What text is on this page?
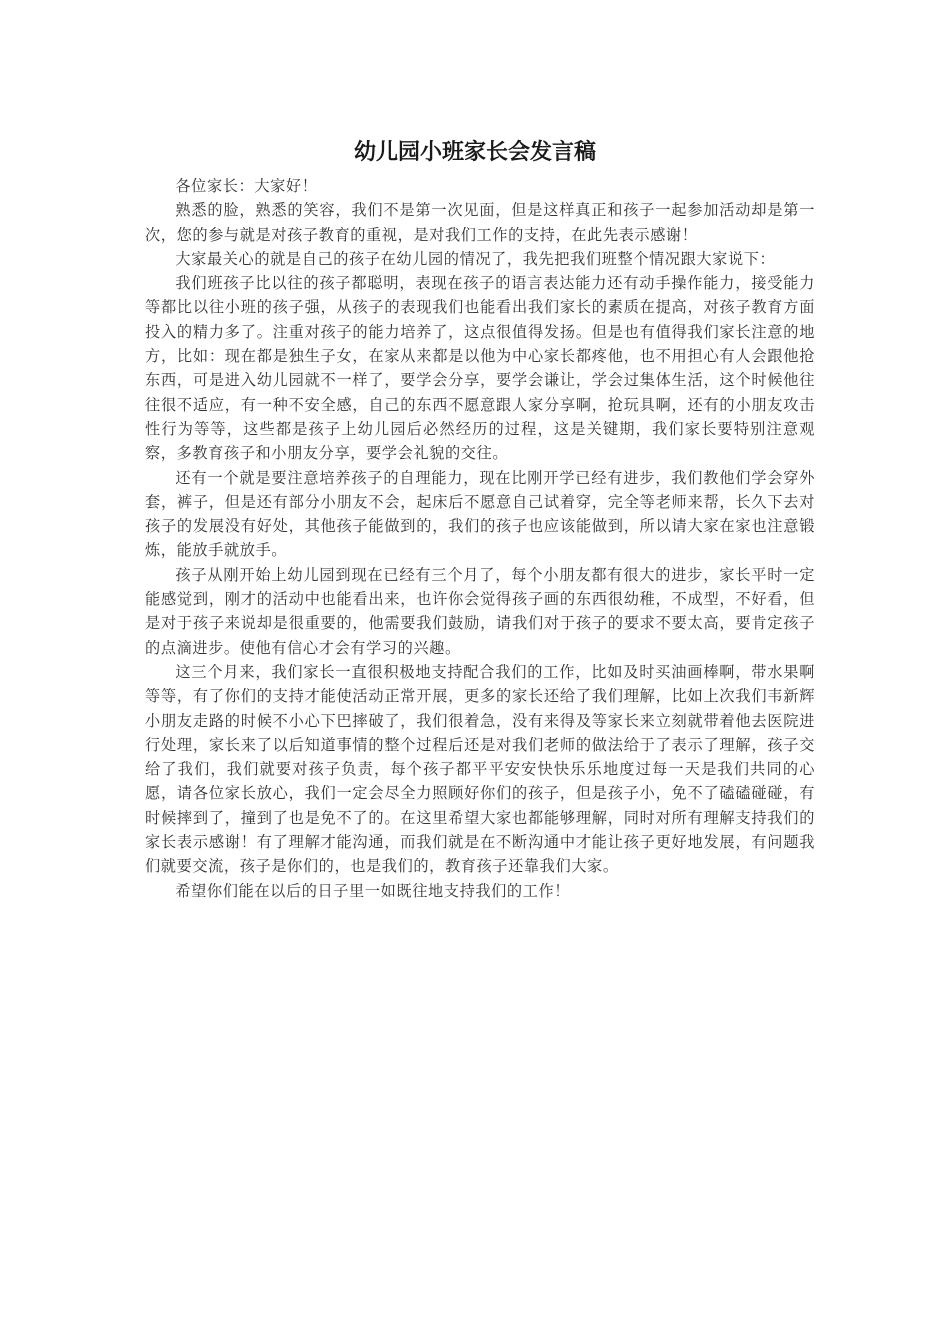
幼儿园小班家长会发言稿

各位家长：大家好！

熟悉的脸，熟悉的笑容，我们不是第一次见面，但是这样真正和孩子一起参加活动却是第一次，您的参与就是对孩子教育的重视，是对我们工作的支持，在此先表示感谢！

大家最关心的就是自己的孩子在幼儿园的情况了，我先把我们班整个情况跟大家说下：

我们班孩子比以往的孩子都聪明，表现在孩子的语言表达能力还有动手操作能力，接受能力等都比以往小班的孩子强，从孩子的表现我们也能看出我们家长的素质在提高，对孩子教育方面投入的精力多了。注重对孩子的能力培养了，这点很值得发扬。但是也有值得我们家长注意的地方，比如：现在都是独生子女，在家从来都是以他为中心家长都疼他，也不用担心有人会跟他抢东西，可是进入幼儿园就不一样了，要学会分享，要学会谦让，学会过集体生活，这个时候他往往很不适应，有一种不安全感，自己的东西不愿意跟人家分享啊，抢玩具啊，还有的小朋友攻击性行为等等，这些都是孩子上幼儿园后必然经历的过程，这是关键期，我们家长要特别注意观察，多教育孩子和小朋友分享，要学会礼貌的交往。

还有一个就是要注意培养孩子的自理能力，现在比刚开学已经有进步，我们教他们学会穿外套，裤子，但是还有部分小朋友不会，起床后不愿意自己试着穿，完全等老师来帮，长久下去对孩子的发展没有好处，其他孩子能做到的，我们的孩子也应该能做到，所以请大家在家也注意锻炼，能放手就放手。

孩子从刚开始上幼儿园到现在已经有三个月了，每个小朋友都有很大的进步，家长平时一定能感觉到，刚才的活动中也能看出来，也许你会觉得孩子画的东西很幼稚，不成型，不好看，但是对于孩子来说却是很重要的，他需要我们鼓励，请我们对于孩子的要求不要太高，要肯定孩子的点滴进步。使他有信心才会有学习的兴趣。

这三个月来，我们家长一直很积极地支持配合我们的工作，比如及时买油画棒啊，带水果啊等等，有了你们的支持才能使活动正常开展，更多的家长还给了我们理解，比如上次我们韦新辉小朋友走路的时候不小心下巴摔破了，我们很着急，没有来得及等家长来立刻就带着他去医院进行处理，家长来了以后知道事情的整个过程后还是对我们老师的做法给于了表示了理解，孩子交给了我们，我们就要对孩子负责，每个孩子都平平安安快快乐乐地度过每一天是我们共同的心愿，请各位家长放心，我们一定会尽全力照顾好你们的孩子，但是孩子小，免不了磕磕碰碰，有时候摔到了，撞到了也是免不了的。在这里希望大家也都能够理解，同时对所有理解支持我们的家长表示感谢！有了理解才能沟通，而我们就是在不断沟通中才能让孩子更好地发展，有问题我们就要交流，孩子是你们的，也是我们的，教育孩子还靠我们大家。

希望你们能在以后的日子里一如既往地支持我们的工作！
